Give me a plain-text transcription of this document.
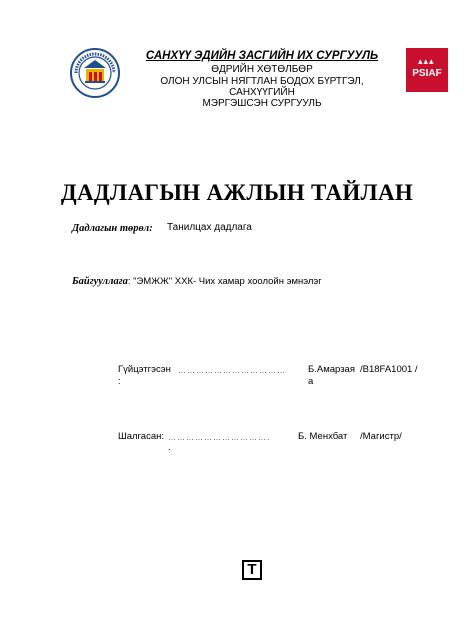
САНХҮҮ ЭДИЙН ЗАСГИЙН ИХ СУРГУУЛЬ
ӨДРИЙН ХӨТӨЛБӨР
ОЛОН УЛСЫН НЯГТЛАН БОДОХ БҮРТГЭЛ, САНХҮҮГИЙН
МЭРГЭШСЭН СУРГУУЛЬ
▴▴▴
PSIAF
ДАДЛАГЫН АЖЛЫН ТАЙЛАН
Дадлагын төрөл: Танилцах дадлага
Байгууллага: "ЭМЖЖ" ХХК- Чих хамар хоолойн эмнэлэг
Гүйцэтгэсэн
:
……………………………… Б.Амарзая /B18FA1001 /
а
Шалгасан: …………………………….
.
Б. Менхбат /Магистр/
T
